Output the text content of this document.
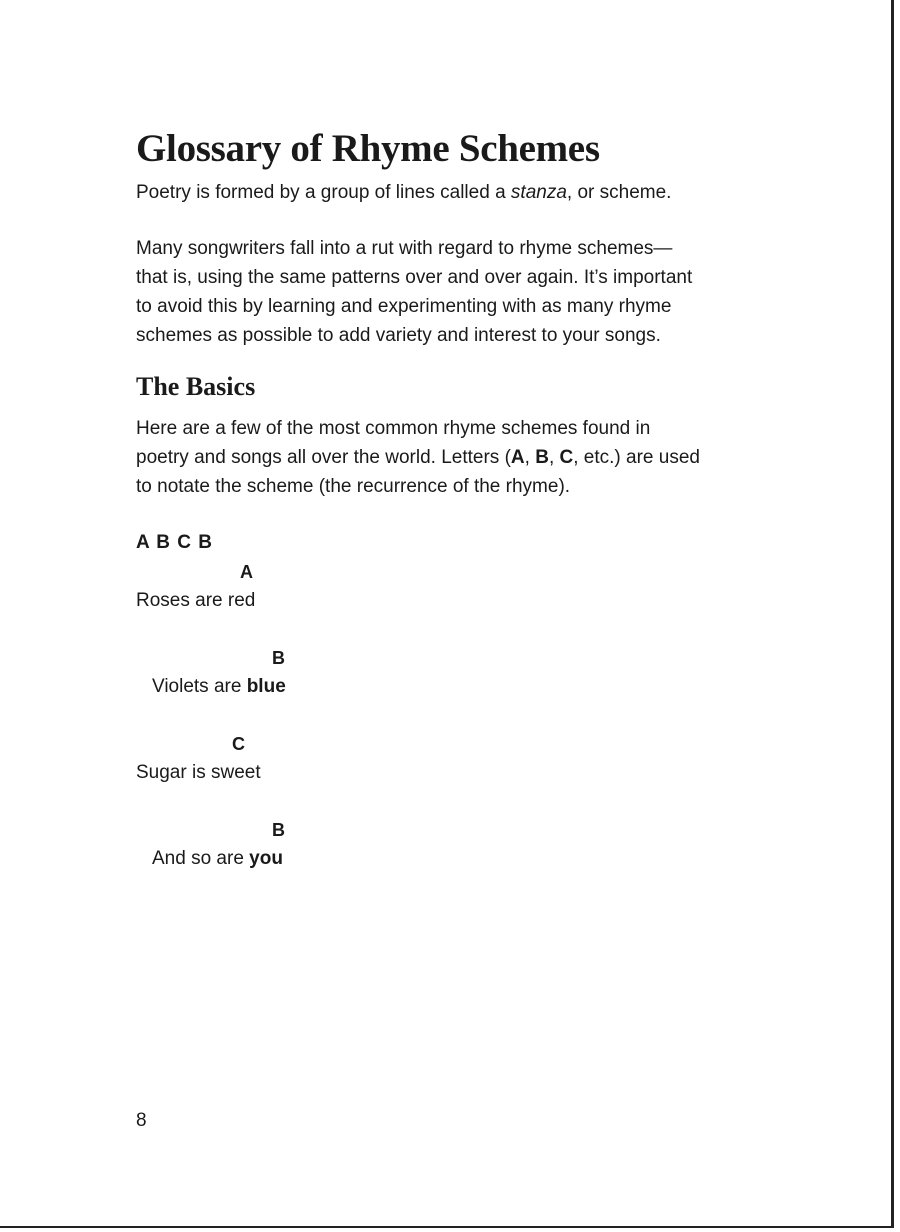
Glossary of Rhyme Schemes

Poetry is formed by a group of lines called a stanza, or scheme.

Many songwriters fall into a rut with regard to rhyme schemes—
that is, using the same patterns over and over again. It’s important
to avoid this by learning and experimenting with as many rhyme
schemes as possible to add variety and interest to your songs.

The Basics

Here are a few of the most common rhyme schemes found in
poetry and songs all over the world. Letters (A, B, C, etc.) are used
to notate the scheme (the recurrence of the rhyme).

A B C B
A
Roses are red
B
Violets are blue
C
Sugar is sweet
B
And so are you
8
